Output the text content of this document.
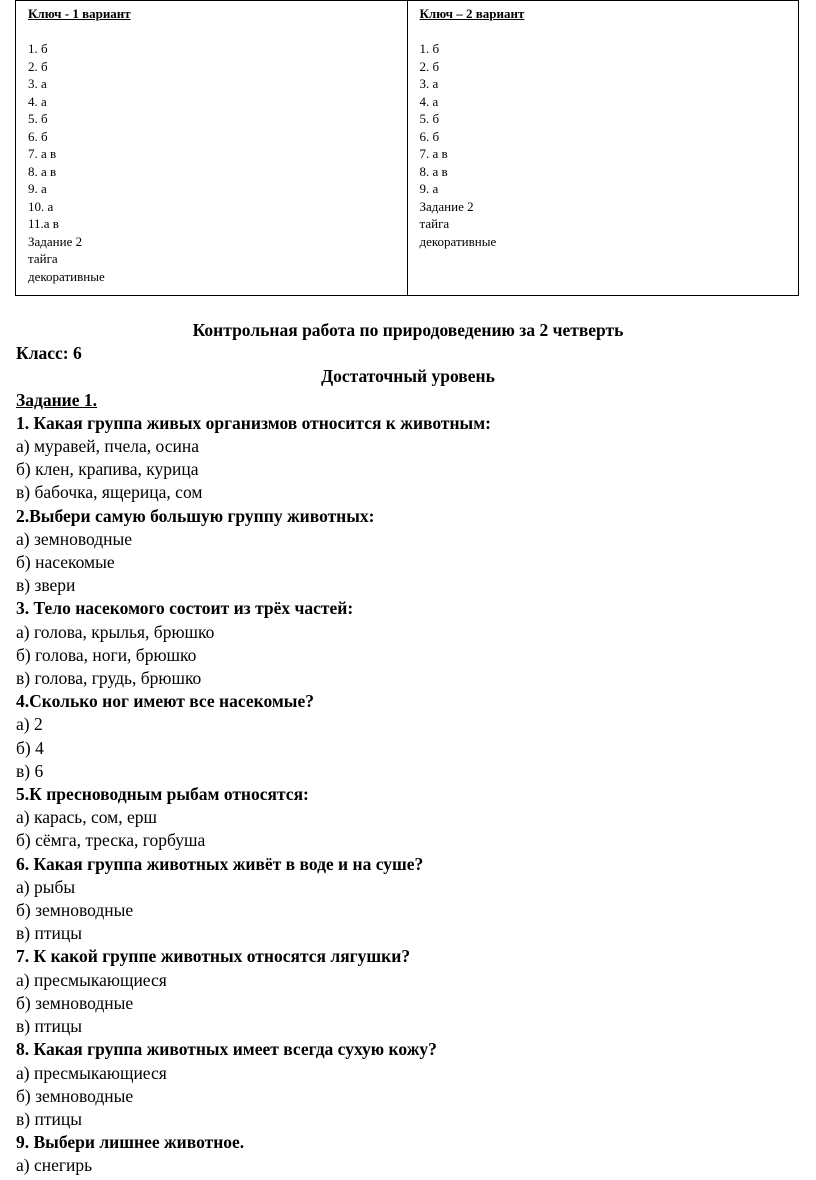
Ключ - 1 вариант
1. б
2. б
3. а
4. а
5. б
6. б
7. а в
8. а в
9. а
10. а
11.а в
Задание 2
тайга
декоративные

Ключ – 2 вариант
1. б
2. б
3. а
4. а
5. б
6. б
7. а в
8. а в
9. а
Задание 2
тайга
декоративные
Контрольная работа по природоведению за 2 четверть
Класс: 6
Достаточный уровень
Задание 1.
1. Какая группа живых организмов относится к животным:
а) муравей, пчела, осина
б) клен, крапива, курица
в) бабочка, ящерица, сом
2.Выбери самую большую группу животных:
а) земноводные
б) насекомые
в) звери
3. Тело насекомого состоит из трёх частей:
а) голова, крылья, брюшко
б) голова, ноги, брюшко
в) голова, грудь, брюшко
4.Сколько ног имеют все насекомые?
а) 2
б) 4
в) 6
5.К пресноводным рыбам относятся:
а) карась, сом, ерш
б) сёмга, треска, горбуша
6. Какая группа животных живёт в воде и на суше?
а) рыбы
б) земноводные
в) птицы
7. К какой группе животных относятся лягушки?
а) пресмыкающиеся
б) земноводные
в) птицы
8. Какая группа животных имеет всегда сухую кожу?
а) пресмыкающиеся
б) земноводные
в) птицы
9. Выбери лишнее животное.
а) снегирь
